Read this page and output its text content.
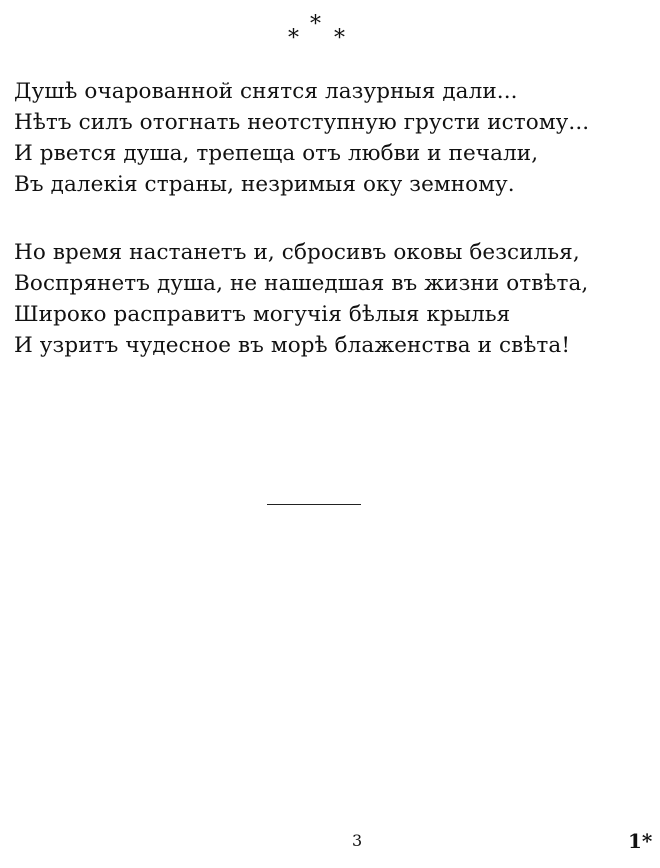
*
*
*
Душѣ очарованной снятся лазурныя дали...
Нѣтъ силъ отогнать неотступную грусти истому...
И рвется душа, трепеща отъ любви и печали,
Въ далекія страны, незримыя оку земному.
Но время настанетъ и, сбросивъ оковы безсилья,
Воспрянетъ душа, не нашедшая въ жизни отвѣта,
Широко расправитъ могучія бѣлыя крылья
И узритъ чудесное въ морѣ блаженства и свѣта!
3	1*
